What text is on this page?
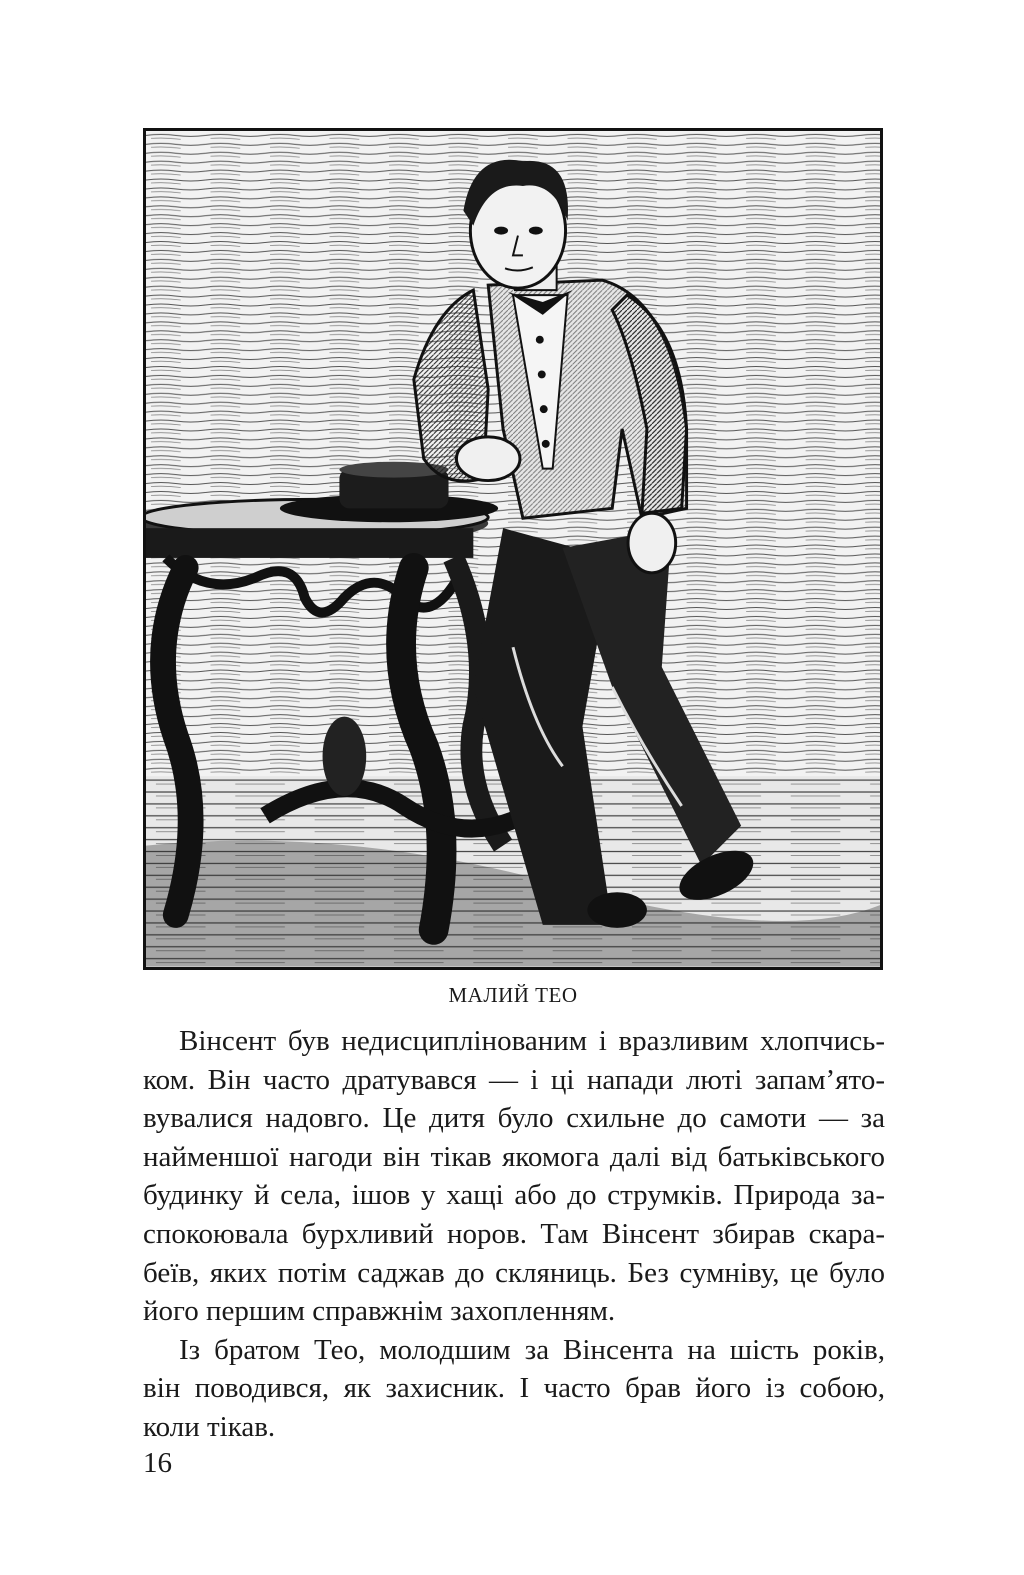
МАЛИЙ ТЕО

Вінсент був недисциплінованим і вразливим хлопчись-
ком. Він часто дратувався — і ці напади люті запам’ято-
вувалися надовго. Це дитя було схильне до самоти — за
найменшої нагоди він тікав якомога далі від батьківського
будинку й села, ішов у хащі або до струмків. Природа за-
спокоювала бурхливий норов. Там Вінсент збирав скара-
беїв, яких потім саджав до скляниць. Без сумніву, це було
його першим справжнім захопленням.

Із братом Тео, молодшим за Вінсента на шість років,
він поводився, як захисник. І часто брав його із собою,
коли тікав.

16
